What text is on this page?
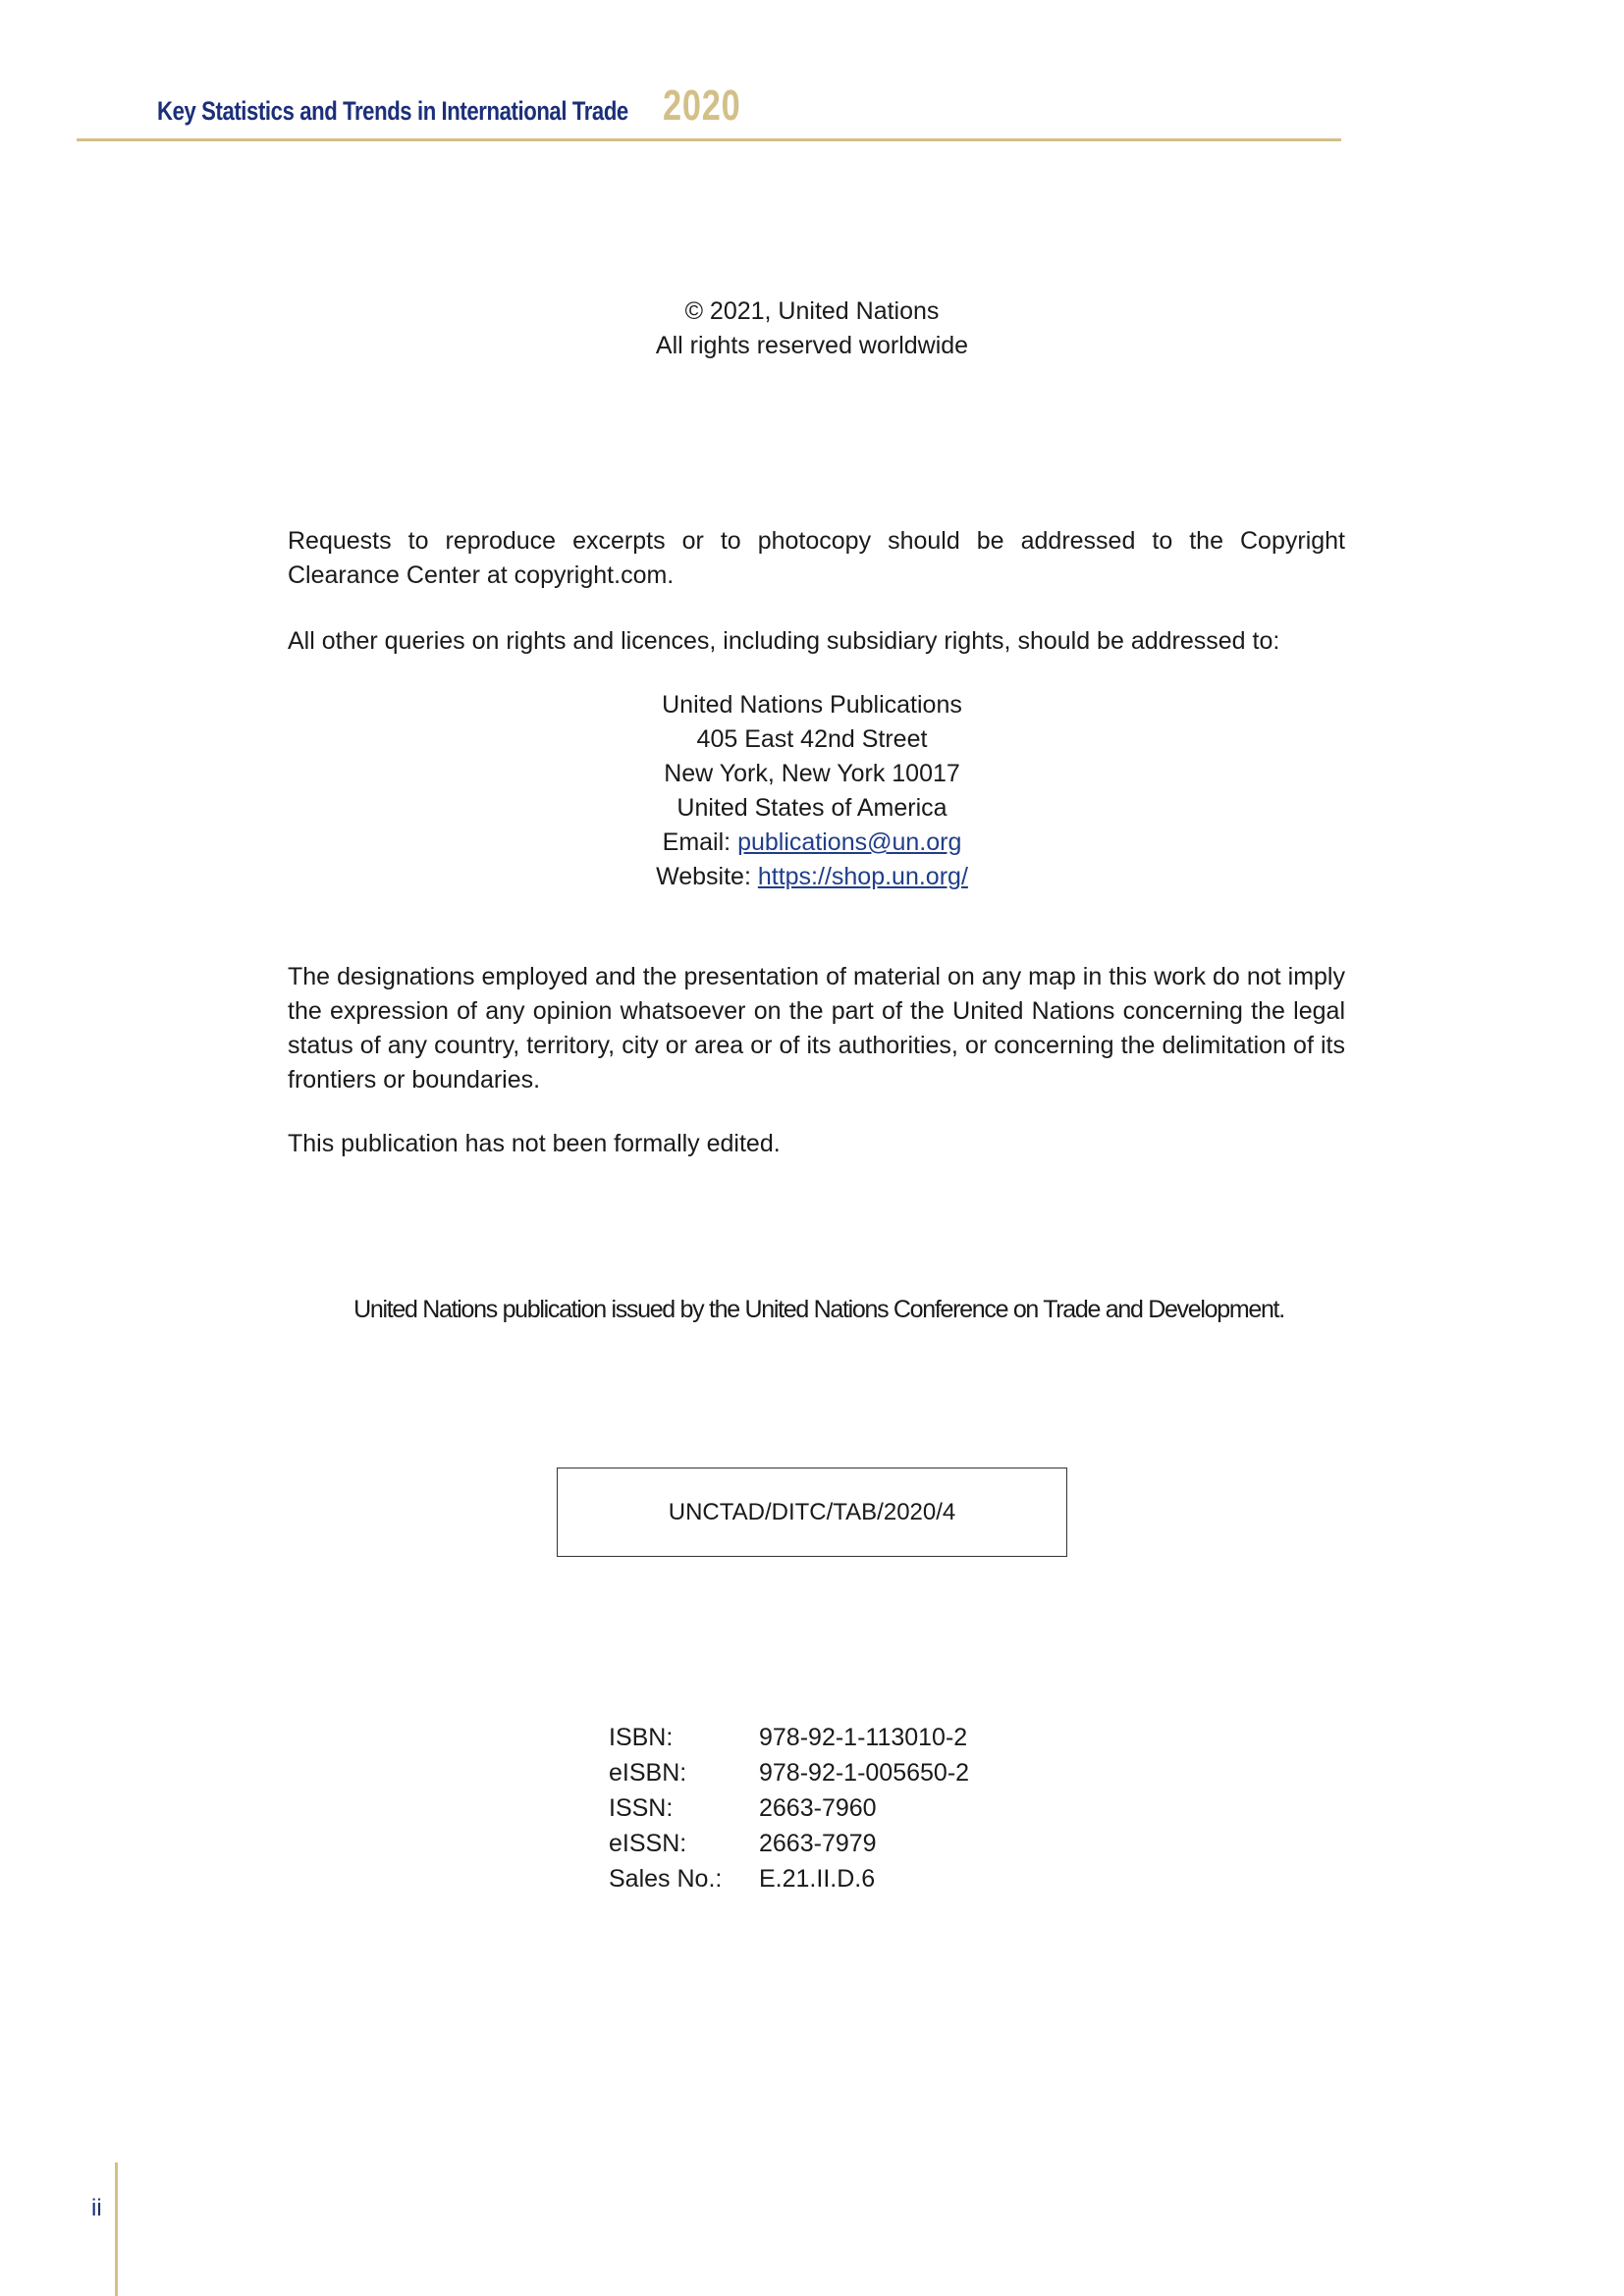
Key Statistics and Trends in International Trade 2020
© 2021, United Nations
All rights reserved worldwide
Requests to reproduce excerpts or to photocopy should be addressed to the Copyright Clearance Center at copyright.com.
All other queries on rights and licences, including subsidiary rights, should be addressed to:
United Nations Publications
405 East 42nd Street
New York, New York 10017
United States of America
Email: publications@un.org
Website: https://shop.un.org/
The designations employed and the presentation of material on any map in this work do not imply the expression of any opinion whatsoever on the part of the United Nations concerning the legal status of any country, territory, city or area or of its authorities, or concerning the delimitation of its frontiers or boundaries.
This publication has not been formally edited.
United Nations publication issued by the United Nations Conference on Trade and Development.
UNCTAD/DITC/TAB/2020/4
ISBN:	978-92-1-113010-2
eISBN:	978-92-1-005650-2
ISSN:	2663-7960
eISSN:	2663-7979
Sales No.:	E.21.II.D.6
ii
